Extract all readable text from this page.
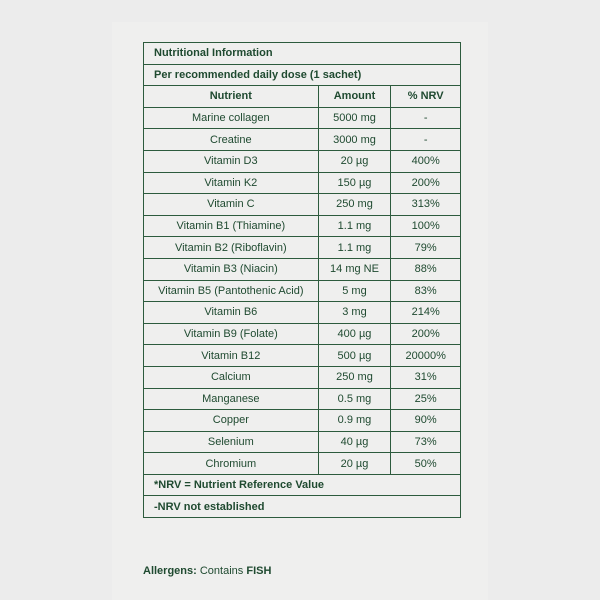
Nutritional Information		
Per recommended daily dose (1 sachet)		
Nutrient	Amount	% NRV
Marine collagen	5000 mg	-
Creatine	3000 mg	-
Vitamin D3	20 µg	400%
Vitamin K2	150 µg	200%
Vitamin C	250 mg	313%
Vitamin B1 (Thiamine)	1.1 mg	100%
Vitamin B2 (Riboflavin)	1.1 mg	79%
Vitamin B3 (Niacin)	14 mg NE	88%
Vitamin B5 (Pantothenic Acid)	5 mg	83%
Vitamin B6	3 mg	214%
Vitamin B9 (Folate)	400 µg	200%
Vitamin B12	500 µg	20000%
Calcium	250 mg	31%
Manganese	0.5 mg	25%
Copper	0.9 mg	90%
Selenium	40 µg	73%
Chromium	20 µg	50%
*NRV = Nutrient Reference Value		
-NRV not established		
Allergens: Contains FISH
